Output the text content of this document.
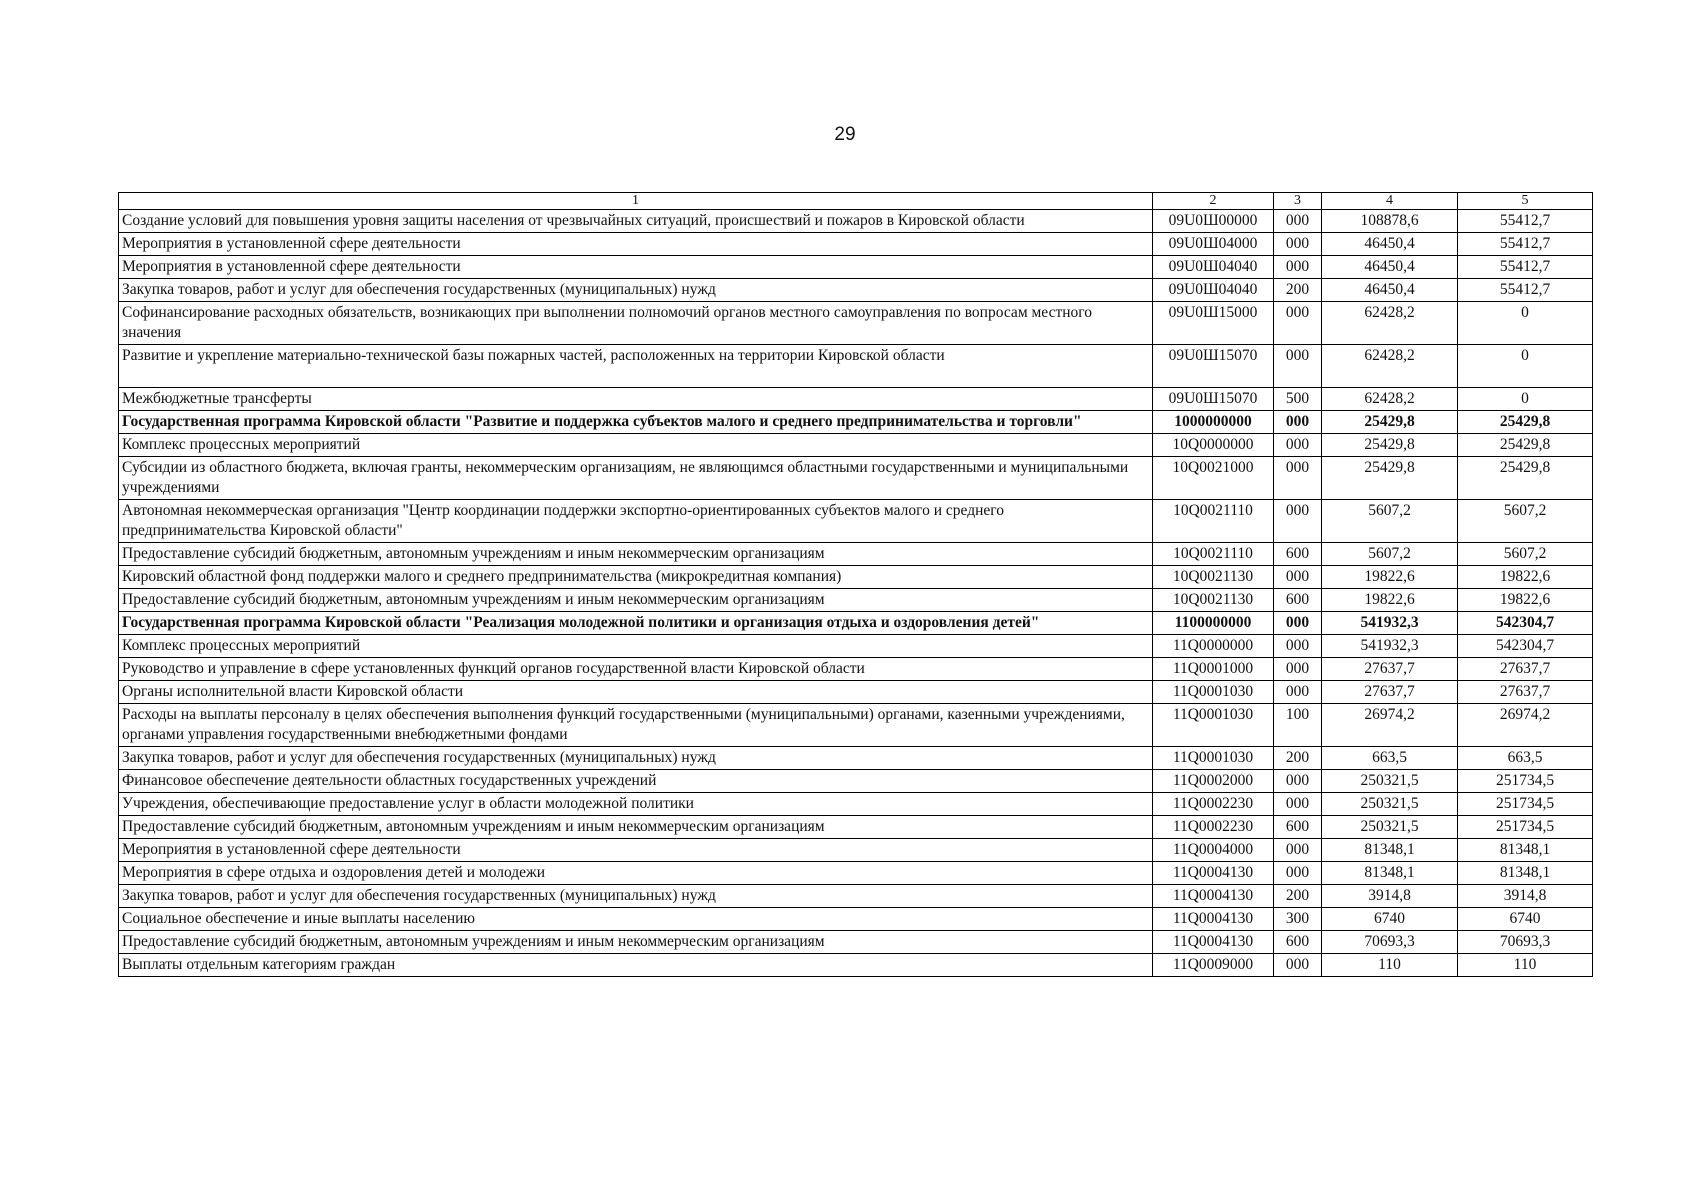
29
1	2	3	4	5
Создание условий для повышения уровня защиты населения от чрезвычайных ситуаций, происшествий и пожаров в Кировской области	09U0Ш00000	000	108878,6	55412,7
Мероприятия в установленной сфере деятельности	09U0Ш04000	000	46450,4	55412,7
Мероприятия в установленной сфере деятельности	09U0Ш04040	000	46450,4	55412,7
Закупка товаров, работ и услуг для обеспечения государственных (муниципальных) нужд	09U0Ш04040	200	46450,4	55412,7
Софинансирование расходных обязательств, возникающих при выполнении полномочий органов местного самоуправления по вопросам местного значения	09U0Ш15000	000	62428,2	0
Развитие и укрепление материально-технической базы пожарных частей, расположенных на территории Кировской области	09U0Ш15070	000	62428,2	0
Межбюджетные трансферты	09U0Ш15070	500	62428,2	0
Государственная программа Кировской области "Развитие и поддержка субъектов малого и среднего предпринимательства и торговли"	1000000000	000	25429,8	25429,8
Комплекс процессных мероприятий	10Q0000000	000	25429,8	25429,8
Субсидии из областного бюджета, включая гранты, некоммерческим организациям, не являющимся областными государственными и муниципальными учреждениями	10Q0021000	000	25429,8	25429,8
Автономная некоммерческая организация "Центр координации поддержки экспортно-ориентированных субъектов малого и среднего предпринимательства Кировской области"	10Q0021110	000	5607,2	5607,2
Предоставление субсидий бюджетным, автономным учреждениям и иным некоммерческим организациям	10Q0021110	600	5607,2	5607,2
Кировский областной фонд поддержки малого и среднего предпринимательства (микрокредитная компания)	10Q0021130	000	19822,6	19822,6
Предоставление субсидий бюджетным, автономным учреждениям и иным некоммерческим организациям	10Q0021130	600	19822,6	19822,6
Государственная программа Кировской области "Реализация молодежной политики и организация отдыха и оздоровления детей"	1100000000	000	541932,3	542304,7
Комплекс процессных мероприятий	11Q0000000	000	541932,3	542304,7
Руководство и управление в сфере установленных функций органов государственной власти Кировской области	11Q0001000	000	27637,7	27637,7
Органы исполнительной власти Кировской области	11Q0001030	000	27637,7	27637,7
Расходы на выплаты персоналу в целях обеспечения выполнения функций государственными (муниципальными) органами, казенными учреждениями, органами управления государственными внебюджетными фондами	11Q0001030	100	26974,2	26974,2
Закупка товаров, работ и услуг для обеспечения государственных (муниципальных) нужд	11Q0001030	200	663,5	663,5
Финансовое обеспечение деятельности областных государственных учреждений	11Q0002000	000	250321,5	251734,5
Учреждения, обеспечивающие предоставление услуг в области молодежной политики	11Q0002230	000	250321,5	251734,5
Предоставление субсидий бюджетным, автономным учреждениям и иным некоммерческим организациям	11Q0002230	600	250321,5	251734,5
Мероприятия в установленной сфере деятельности	11Q0004000	000	81348,1	81348,1
Мероприятия в сфере отдыха и оздоровления детей и молодежи	11Q0004130	000	81348,1	81348,1
Закупка товаров, работ и услуг для обеспечения государственных (муниципальных) нужд	11Q0004130	200	3914,8	3914,8
Социальное обеспечение и иные выплаты населению	11Q0004130	300	6740	6740
Предоставление субсидий бюджетным, автономным учреждениям и иным некоммерческим организациям	11Q0004130	600	70693,3	70693,3
Выплаты отдельным категориям граждан	11Q0009000	000	110	110
